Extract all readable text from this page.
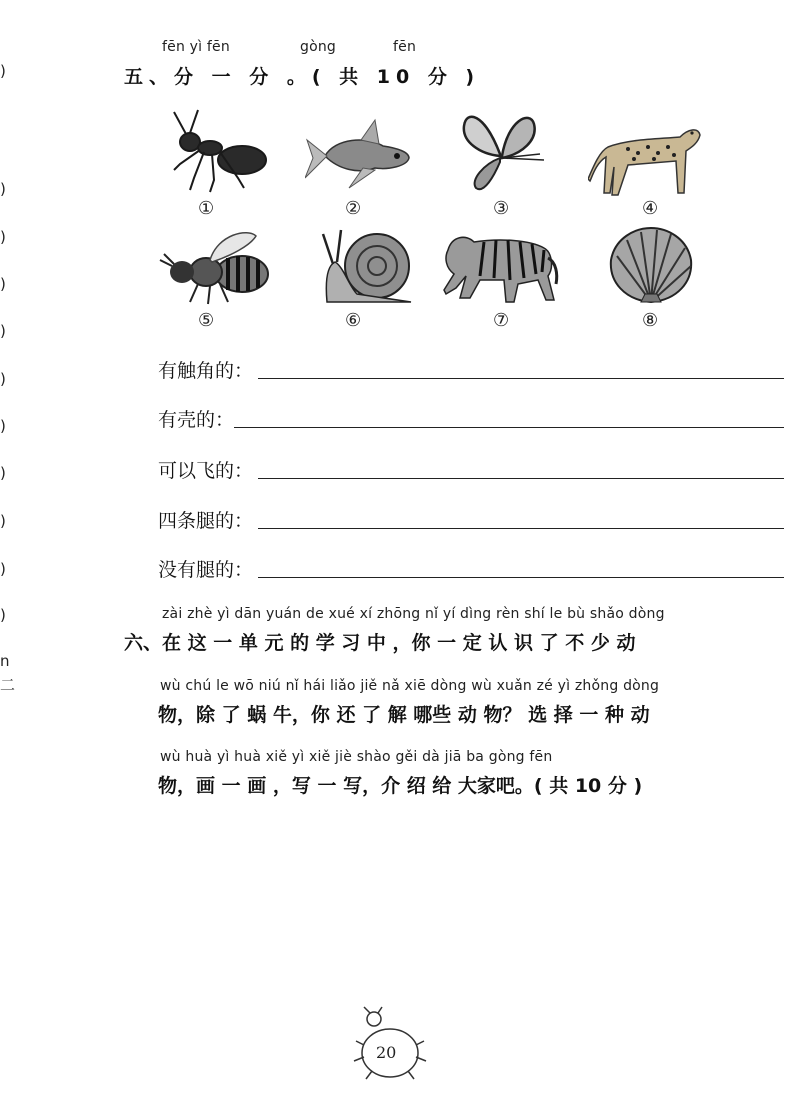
)
)
)
)
)
)
)
)
)
)
)
n
二
fēn yì fēn	gòng	fēn
五、分 一 分 。( 共 10 分 )
①	②	③	④
⑤	⑥	⑦	⑧
有触角的：
有壳的：
可以飞的：
四条腿的：
没有腿的：
zài zhè yì dān yuán de xué xí zhōng nǐ yí dìng rèn shí le bù shǎo dòng
六、在 这 一 单 元 的 学 习 中 ，你 一 定 认 识 了 不 少 动
wù chú le wō niú nǐ hái liǎo jiě nǎ xiē dòng wù xuǎn zé yì zhǒng dòng
物，除 了 蜗 牛，你 还 了 解 哪些 动 物？ 选 择 一 种 动
wù huà yì huà xiě yì xiě jiè shào gěi dà jiā ba gòng fēn
物，画 一 画 ，写 一 写，介 绍 给 大家吧。( 共 10 分 )
20
